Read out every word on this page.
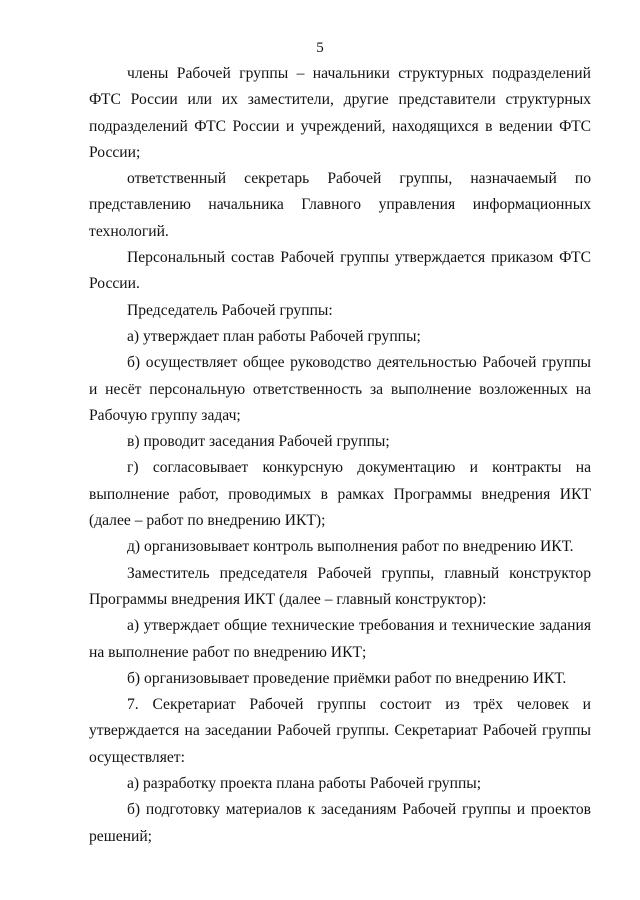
5

члены Рабочей группы – начальники структурных подразделений ФТС России или их заместители, другие представители структурных подразделений ФТС России и учреждений, находящихся в ведении ФТС России;

ответственный секретарь Рабочей группы, назначаемый по представлению начальника Главного управления информационных технологий.

Персональный состав Рабочей группы утверждается приказом ФТС России.

Председатель Рабочей группы:

а) утверждает план работы Рабочей группы;

б) осуществляет общее руководство деятельностью Рабочей группы и несёт персональную ответственность за выполнение возложенных на Рабочую группу задач;

в) проводит заседания Рабочей группы;

г) согласовывает конкурсную документацию и контракты на выполнение работ, проводимых в рамках Программы внедрения ИКТ (далее – работ по внедрению ИКТ);

д) организовывает контроль выполнения работ по внедрению ИКТ.

Заместитель председателя Рабочей группы, главный конструктор Программы внедрения ИКТ (далее – главный конструктор):

а) утверждает общие технические требования и технические задания на выполнение работ по внедрению ИКТ;

б) организовывает проведение приёмки работ по внедрению ИКТ.

7. Секретариат Рабочей группы состоит из трёх человек и утверждается на заседании Рабочей группы. Секретариат Рабочей группы осуществляет:

а) разработку проекта плана работы Рабочей группы;

б) подготовку материалов к заседаниям Рабочей группы и проектов решений;
